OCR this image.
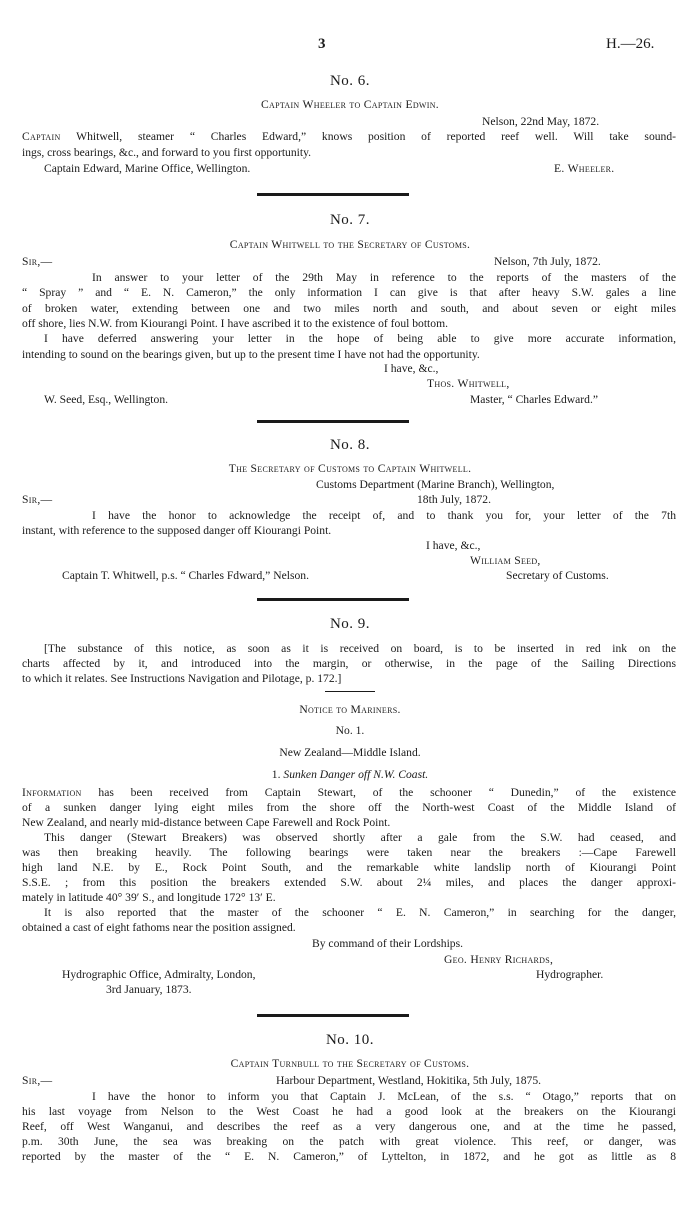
3	H.—26.
No. 6.
Captain Wheeler to Captain Edwin.
Nelson, 22nd May, 1872.
Captain Whitwell, steamer “ Charles Edward,” knows position of reported reef well. Will take sound-
ings, cross bearings, &c., and forward to you first opportunity.
Captain Edward, Marine Office, Wellington.	E. Wheeler.
No. 7.
Captain Whitwell to the Secretary of Customs.
Sir,—	Nelson, 7th July, 1872.
In answer to your letter of the 29th May in reference to the reports of the masters of the
“ Spray ” and “ E. N. Cameron,” the only information I can give is that after heavy S.W. gales a line
of broken water, extending between one and two miles north and south, and about seven or eight miles
off shore, lies N.W. from Kiourangi Point. I have ascribed it to the existence of foul bottom.
I have deferred answering your letter in the hope of being able to give more accurate information,
intending to sound on the bearings given, but up to the present time I have not had the opportunity.
I have, &c.,
Thos. Whitwell,
W. Seed, Esq., Wellington.	Master, “ Charles Edward.”
No. 8.
The Secretary of Customs to Captain Whitwell.
Customs Department (Marine Branch), Wellington,
Sir,—	18th July, 1872.
I have the honor to acknowledge the receipt of, and to thank you for, your letter of the 7th
instant, with reference to the supposed danger off Kiourangi Point.
I have, &c.,
William Seed,
Captain T. Whitwell, p.s. “ Charles Fdward,” Nelson.	Secretary of Customs.
No. 9.
[The substance of this notice, as soon as it is received on board, is to be inserted in red ink on the
charts affected by it, and introduced into the margin, or otherwise, in the page of the Sailing Directions
to which it relates. See Instructions Navigation and Pilotage, p. 172.]
Notice to Mariners.
No. 1.
New Zealand—Middle Island.
1. Sunken Danger off N.W. Coast.
Information has been received from Captain Stewart, of the schooner “ Dunedin,” of the existence
of a sunken danger lying eight miles from the shore off the North-west Coast of the Middle Island of
New Zealand, and nearly mid-distance between Cape Farewell and Rock Point.
This danger (Stewart Breakers) was observed shortly after a gale from the S.W. had ceased, and
was then breaking heavily. The following bearings were taken near the breakers :—Cape Farewell
high land N.E. by E., Rock Point South, and the remarkable white landslip north of Kiourangi Point
S.S.E. ; from this position the breakers extended S.W. about 2¼ miles, and places the danger approxi-
mately in latitude 40° 39′ S., and longitude 172° 13′ E.
It is also reported that the master of the schooner “ E. N. Cameron,” in searching for the danger,
obtained a cast of eight fathoms near the position assigned.
By command of their Lordships.
Geo. Henry Richards,
Hydrographic Office, Admiralty, London,	Hydrographer.
3rd January, 1873.
No. 10.
Captain Turnbull to the Secretary of Customs.
Sir,—	Harbour Department, Westland, Hokitika, 5th July, 1875.
I have the honor to inform you that Captain J. McLean, of the s.s. “ Otago,” reports that on
his last voyage from Nelson to the West Coast he had a good look at the breakers on the Kiourangi
Reef, off West Wanganui, and describes the reef as a very dangerous one, and at the time he passed,
p.m. 30th June, the sea was breaking on the patch with great violence. This reef, or danger, was
reported by the master of the “ E. N. Cameron,” of Lyttelton, in 1872, and he got as little as 8
